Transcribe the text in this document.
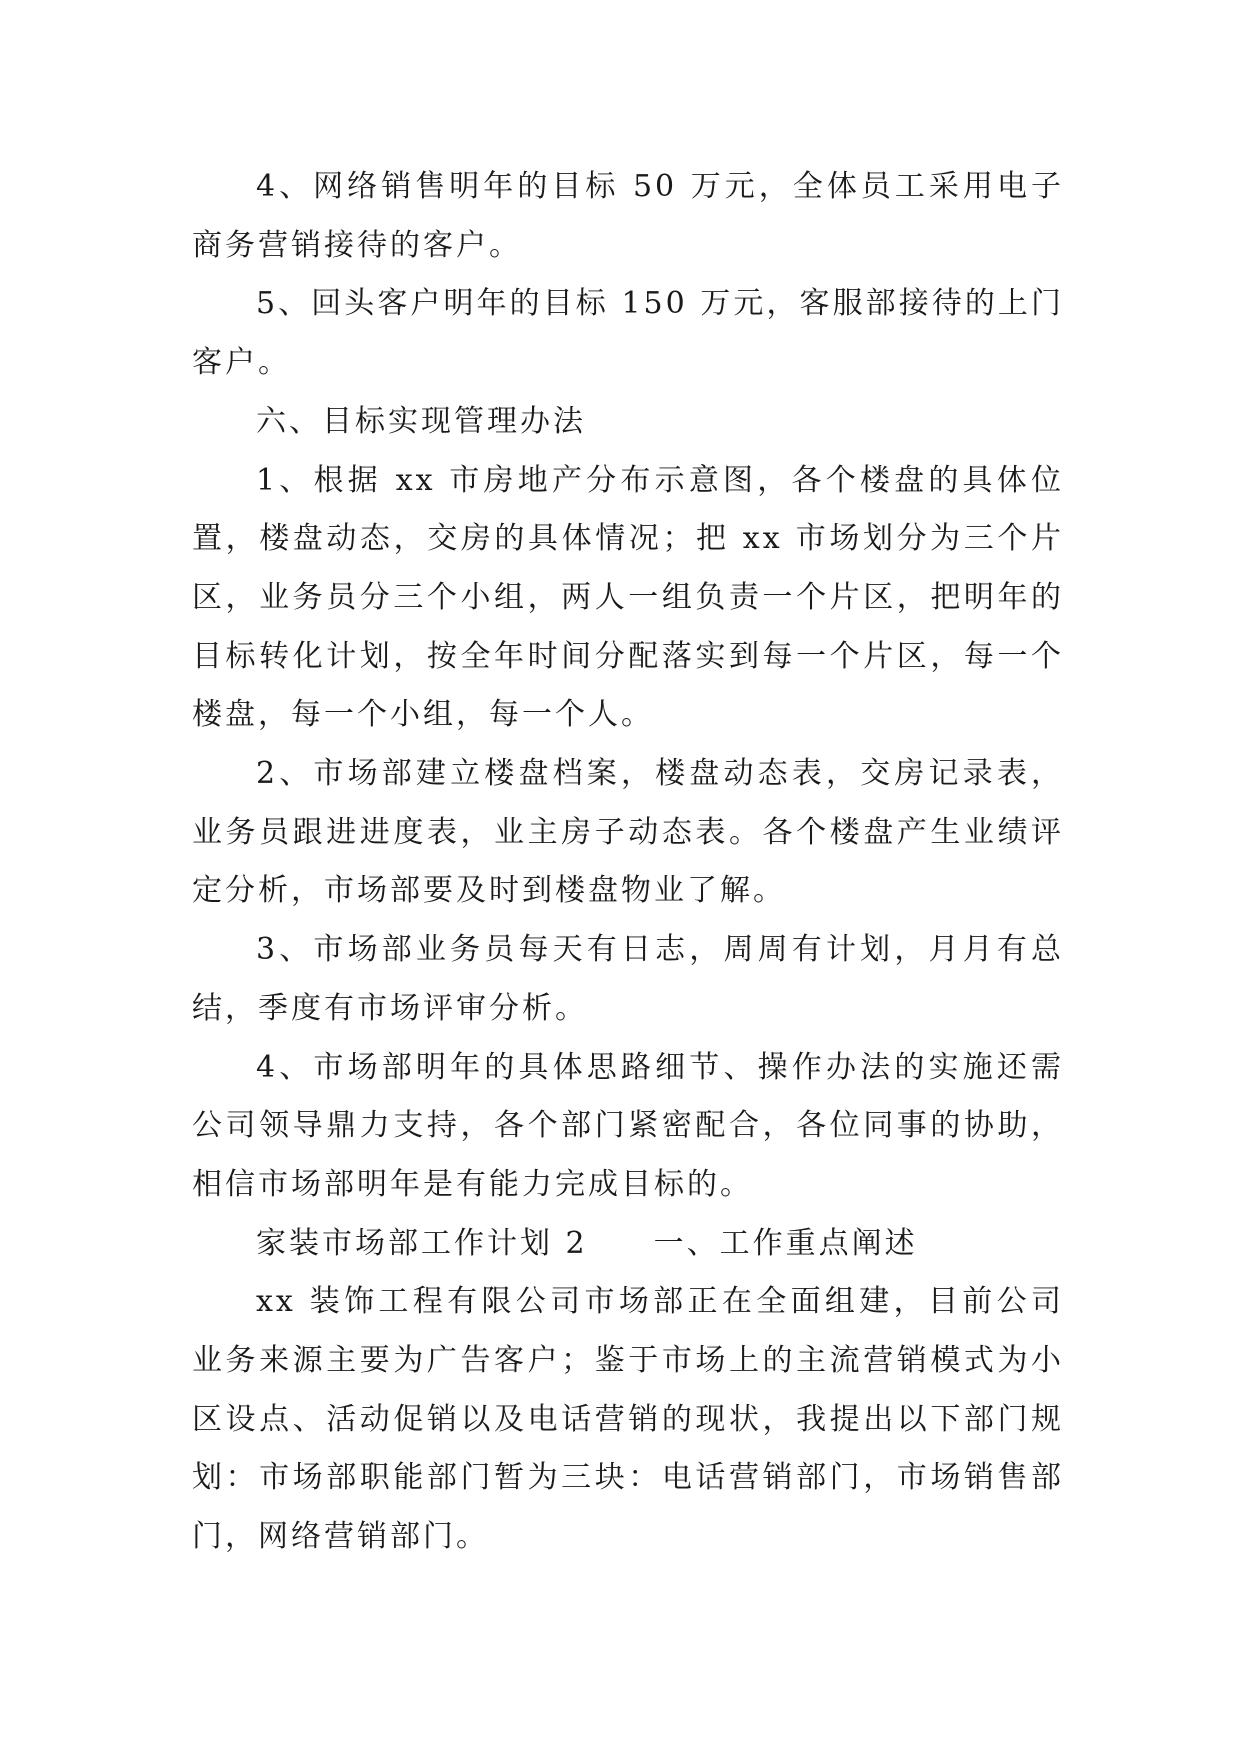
4、网络销售明年的目标 50 万元，全体员工采用电子商务营销接待的客户。

5、回头客户明年的目标 150 万元，客服部接待的上门客户。

六、目标实现管理办法

1、根据 xx 市房地产分布示意图，各个楼盘的具体位置，楼盘动态，交房的具体情况；把 xx 市场划分为三个片区，业务员分三个小组，两人一组负责一个片区，把明年的目标转化计划，按全年时间分配落实到每一个片区，每一个楼盘，每一个小组，每一个人。

2、市场部建立楼盘档案，楼盘动态表，交房记录表，业务员跟进进度表，业主房子动态表。各个楼盘产生业绩评定分析，市场部要及时到楼盘物业了解。

3、市场部业务员每天有日志，周周有计划，月月有总结，季度有市场评审分析。

4、市场部明年的具体思路细节、操作办法的实施还需公司领导鼎力支持，各个部门紧密配合，各位同事的协助，相信市场部明年是有能力完成目标的。

家装市场部工作计划 2　　一、工作重点阐述

xx 装饰工程有限公司市场部正在全面组建，目前公司业务来源主要为广告客户；鉴于市场上的主流营销模式为小区设点、活动促销以及电话营销的现状，我提出以下部门规划：市场部职能部门暂为三块：电话营销部门，市场销售部门，网络营销部门。
